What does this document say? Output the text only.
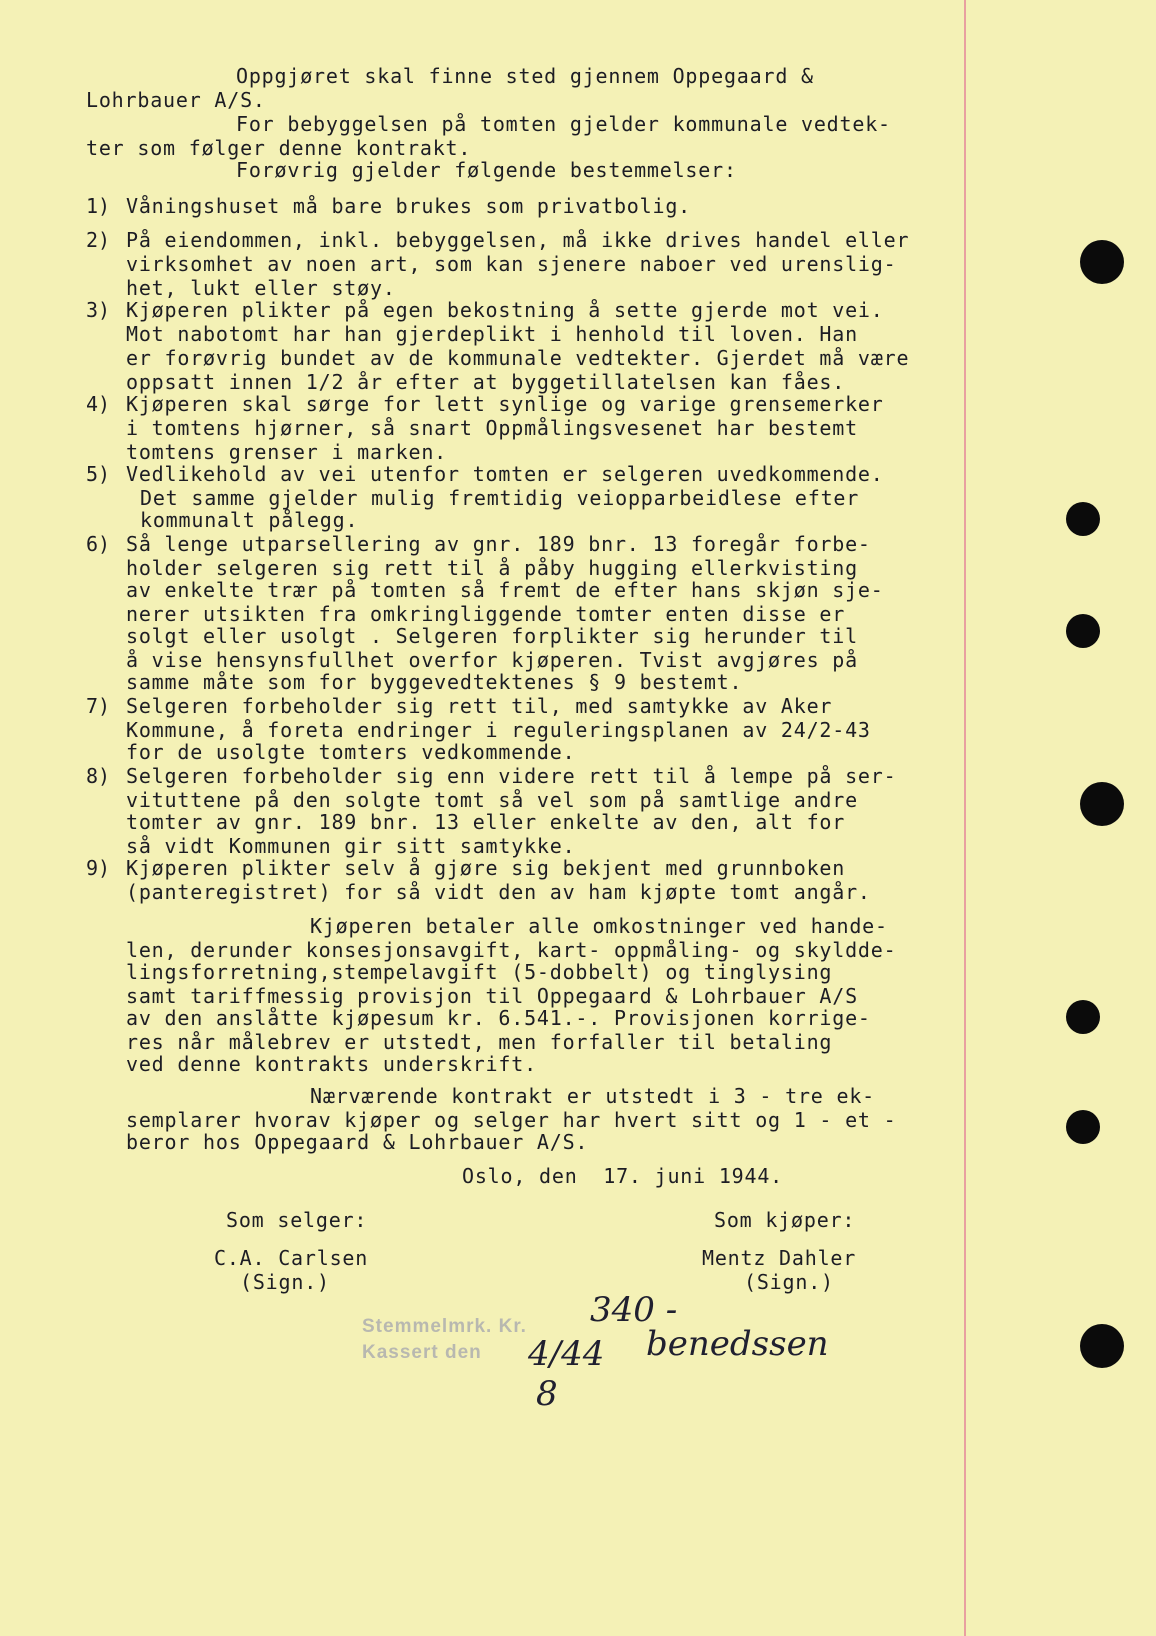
Oppgjøret skal finne sted gjennem Oppegaard &
Lohrbauer A/S.
For bebyggelsen på tomten gjelder kommunale vedtek-
ter som følger denne kontrakt.
Forøvrig gjelder følgende bestemmelser:
1) Våningshuset må bare brukes som privatbolig.
2) På eiendommen, inkl. bebyggelsen, må ikke drives handel eller
virksomhet av noen art, som kan sjenere naboer ved urenslig-
het, lukt eller støy.
3) Kjøperen plikter på egen bekostning å sette gjerde mot vei.
Mot nabotomt har han gjerdeplikt i henhold til loven. Han
er forøvrig bundet av de kommunale vedtekter. Gjerdet må være
oppsatt innen 1/2 år efter at byggetillatelsen kan fåes.
4) Kjøperen skal sørge for lett synlige og varige grensemerker
i tomtens hjørner, så snart Oppmålingsvesenet har bestemt
tomtens grenser i marken.
5) Vedlikehold av vei utenfor tomten er selgeren uvedkommende.
Det samme gjelder mulig fremtidig veiopparbeidlese efter
kommunalt pålegg.
6) Så lenge utparsellering av gnr. 189 bnr. 13 foregår forbe-
holder selgeren sig rett til å påby hugging ellerkvisting
av enkelte trær på tomten så fremt de efter hans skjøn sje-
nerer utsikten fra omkringliggende tomter enten disse er
solgt eller usolgt . Selgeren forplikter sig herunder til
å vise hensynsfullhet overfor kjøperen. Tvist avgjøres på
samme måte som for byggevedtektenes § 9 bestemt.
7) Selgeren forbeholder sig rett til, med samtykke av Aker
Kommune, å foreta endringer i reguleringsplanen av 24/2-43
for de usolgte tomters vedkommende.
8) Selgeren forbeholder sig enn videre rett til å lempe på ser-
vituttene på den solgte tomt så vel som på samtlige andre
tomter av gnr. 189 bnr. 13 eller enkelte av den, alt for
så vidt Kommunen gir sitt samtykke.
9) Kjøperen plikter selv å gjøre sig bekjent med grunnboken
(panteregistret) for så vidt den av ham kjøpte tomt angår.
Kjøperen betaler alle omkostninger ved hande-
len, derunder konsesjonsavgift, kart- oppmåling- og skyldde-
lingsforretning,stempelavgift (5-dobbelt) og tinglysing
samt tariffmessig provisjon til Oppegaard & Lohrbauer A/S
av den anslåtte kjøpesum kr. 6.541.-. Provisjonen korrige-
res når målebrev er utstedt, men forfaller til betaling
ved denne kontrakts underskrift.
Nærværende kontrakt er utstedt i 3 - tre ek-
semplarer hvorav kjøper og selger har hvert sitt og 1 - et -
beror hos Oppegaard & Lohrbauer A/S.
Oslo, den  17. juni 1944.
Som selger:
C.A. Carlsen
(Sign.)
Som kjøper:
Mentz Dahler
(Sign.)
Stemmelmrk. Kr.
Kassert den
340 -
4/44
8
benedssen
